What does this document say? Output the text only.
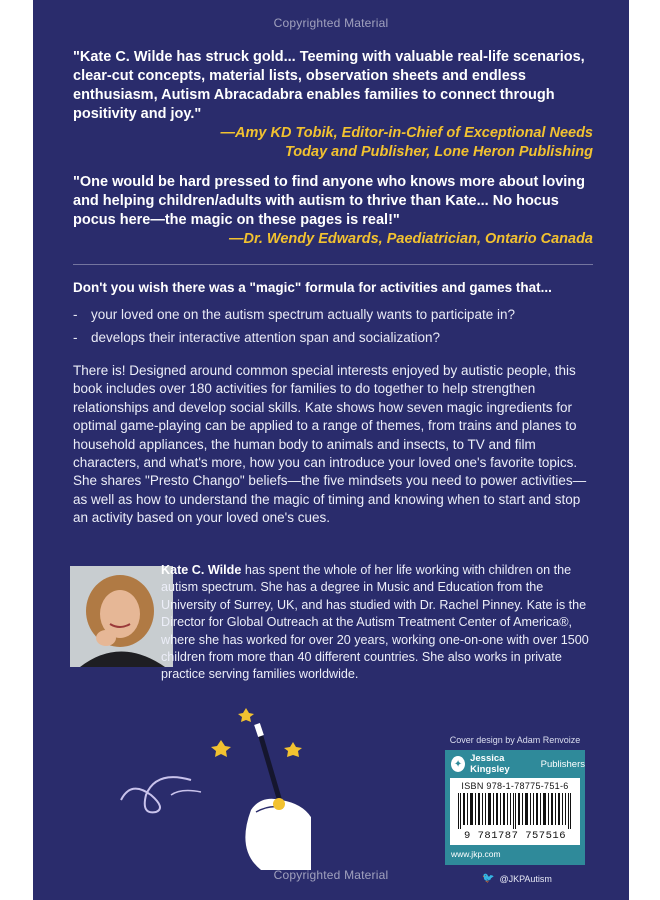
Copyrighted Material
"Kate C. Wilde has struck gold... Teeming with valuable real-life scenarios, clear-cut concepts, material lists, observation sheets and endless enthusiasm, Autism Abracadabra enables families to connect through positivity and joy."
—Amy KD Tobik, Editor-in-Chief of Exceptional Needs
Today and Publisher, Lone Heron Publishing
"One would be hard pressed to find anyone who knows more about loving and helping children/adults with autism to thrive than Kate... No hocus pocus here—the magic on these pages is real!"
—Dr. Wendy Edwards, Paediatrician, Ontario Canada
Don't you wish there was a "magic" formula for activities and games that...
- your loved one on the autism spectrum actually wants to participate in?
- develops their interactive attention span and socialization?
There is! Designed around common special interests enjoyed by autistic people, this book includes over 180 activities for families to do together to help strengthen relationships and develop social skills. Kate shows how seven magic ingredients for optimal game-playing can be applied to a range of themes, from trains and planes to household appliances, the human body to animals and insects, to TV and film characters, and what's more, how you can introduce your loved one's favorite topics. She shares "Presto Chango" beliefs—the five mindsets you need to power activities—as well as how to understand the magic of timing and knowing when to start and stop an activity based on your loved one's cues.
Kate C. Wilde has spent the whole of her life working with children on the autism spectrum. She has a degree in Music and Education from the University of Surrey, UK, and has studied with Dr. Rachel Pinney. Kate is the Director for Global Outreach at the Autism Treatment Center of America®, where she has worked for over 20 years, working one-on-one with over 1500 children from more than 40 different countries. She also works in private practice serving families worldwide.
Cover design by Adam Renvoize
✦ Jessica Kingsley	Publishers
ISBN 978-1-78775-751-6
9 781787 757516
www.jkp.com
🐦 @JKPAutism
Copyrighted Material
